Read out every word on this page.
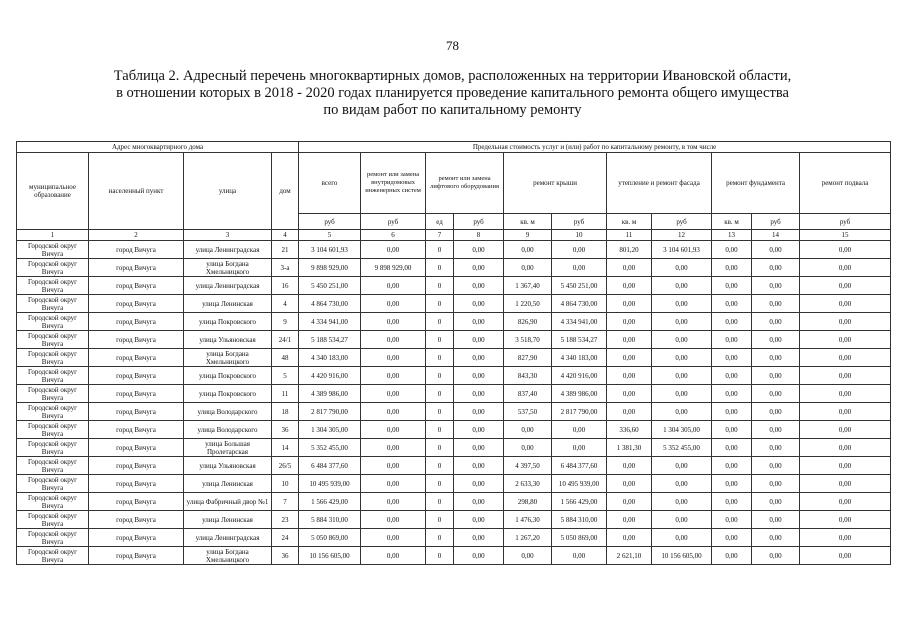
78
Таблица 2. Адресный перечень многоквартирных домов, расположенных на территории Ивановской области,
в отношении которых в 2018 - 2020 годах планируется проведение капитального ремонта общего имущества
по видам работ по капитальному ремонту
Адрес многоквартирного дома				Предельная стоимость услуг и (или) работ по капитальному ремонту, в том числе										
муниципальное образование	населенный пункт	улица	дом	всего	ремонт или замена внутридомовых инженерных систем	ремонт или замена лифтового оборудования		ремонт крыши		утепление и ремонт фасада		ремонт фундамента		ремонт подвала
				руб	руб	ед	руб	кв. м	руб	кв. м	руб	кв. м	руб	руб
1	2	3	4	5	6	7	8	9	10	11	12	13	14	15
Городской округ Вичуга	город Вичуга	улица Ленинградская	21	3 104 601,93	0,00	0	0,00	0,00	0,00	801,20	3 104 601,93	0,00	0,00	0,00
Городской округ Вичуга	город Вичуга	улица Богдана Хмельницкого	3-а	9 898 929,00	9 898 929,00	0	0,00	0,00	0,00	0,00	0,00	0,00	0,00	0,00
Городской округ Вичуга	город Вичуга	улица Ленинградская	16	5 450 251,00	0,00	0	0,00	1 367,40	5 450 251,00	0,00	0,00	0,00	0,00	0,00
Городской округ Вичуга	город Вичуга	улица Ленинская	4	4 864 730,00	0,00	0	0,00	1 220,50	4 864 730,00	0,00	0,00	0,00	0,00	0,00
Городской округ Вичуга	город Вичуга	улица Покровского	9	4 334 941,00	0,00	0	0,00	826,90	4 334 941,00	0,00	0,00	0,00	0,00	0,00
Городской округ Вичуга	город Вичуга	улица Ульяновская	24/1	5 188 534,27	0,00	0	0,00	3 518,70	5 188 534,27	0,00	0,00	0,00	0,00	0,00
Городской округ Вичуга	город Вичуга	улица Богдана Хмельницкого	48	4 340 183,00	0,00	0	0,00	827,90	4 340 183,00	0,00	0,00	0,00	0,00	0,00
Городской округ Вичуга	город Вичуга	улица Покровского	5	4 420 916,00	0,00	0	0,00	843,30	4 420 916,00	0,00	0,00	0,00	0,00	0,00
Городской округ Вичуга	город Вичуга	улица Покровского	11	4 389 986,00	0,00	0	0,00	837,40	4 389 986,00	0,00	0,00	0,00	0,00	0,00
Городской округ Вичуга	город Вичуга	улица Володарского	18	2 817 790,00	0,00	0	0,00	537,50	2 817 790,00	0,00	0,00	0,00	0,00	0,00
Городской округ Вичуга	город Вичуга	улица Володарского	36	1 304 305,00	0,00	0	0,00	0,00	0,00	336,60	1 304 305,00	0,00	0,00	0,00
Городской округ Вичуга	город Вичуга	улица Большая Пролетарская	14	5 352 455,00	0,00	0	0,00	0,00	0,00	1 381,30	5 352 455,00	0,00	0,00	0,00
Городской округ Вичуга	город Вичуга	улица Ульяновская	26/5	6 484 377,60	0,00	0	0,00	4 397,50	6 484 377,60	0,00	0,00	0,00	0,00	0,00
Городской округ Вичуга	город Вичуга	улица Ленинская	10	10 495 939,00	0,00	0	0,00	2 633,30	10 495 939,00	0,00	0,00	0,00	0,00	0,00
Городской округ Вичуга	город Вичуга	улица Фабричный двор №1	7	1 566 429,00	0,00	0	0,00	298,80	1 566 429,00	0,00	0,00	0,00	0,00	0,00
Городской округ Вичуга	город Вичуга	улица Ленинская	23	5 884 310,00	0,00	0	0,00	1 476,30	5 884 310,00	0,00	0,00	0,00	0,00	0,00
Городской округ Вичуга	город Вичуга	улица Ленинградская	24	5 050 869,00	0,00	0	0,00	1 267,20	5 050 869,00	0,00	0,00	0,00	0,00	0,00
Городской округ Вичуга	город Вичуга	улица Богдана Хмельницкого	36	10 156 605,00	0,00	0	0,00	0,00	0,00	2 621,10	10 156 605,00	0,00	0,00	0,00
